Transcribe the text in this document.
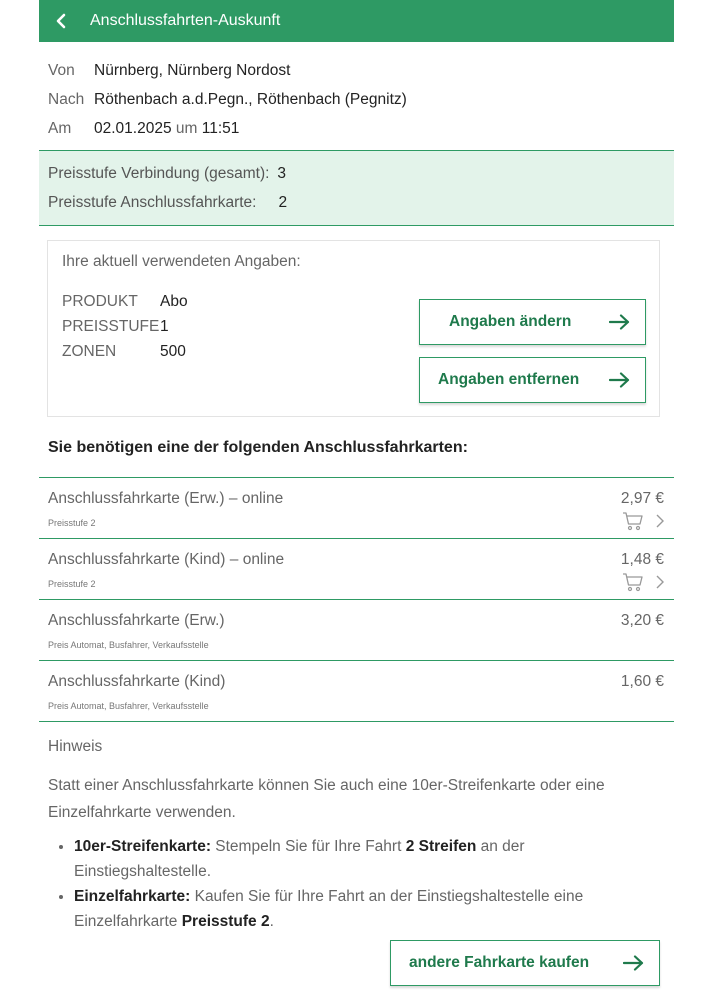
Anschlussfahrten-Auskunft
Von	Nürnberg, Nürnberg Nordost
Nach Röthenbach a.d.Pegn., Röthenbach (Pegnitz)
Am	02.01.2025 um 11:51
Preisstufe Verbindung (gesamt): 3
Preisstufe Anschlussfahrkarte: 2
Ihre aktuell verwendeten Angaben:
PRODUKT	Abo
PREISSTUFE 1
ZONEN	500
Angaben ändern
Angaben entfernen
Sie benötigen eine der folgenden Anschlussfahrkarten:
Anschlussfahrkarte (Erw.) – online
Preisstufe 2
2,97 €
Anschlussfahrkarte (Kind) – online
Preisstufe 2
1,48 €
Anschlussfahrkarte (Erw.)
Preis Automat, Busfahrer, Verkaufsstelle
3,20 €
Anschlussfahrkarte (Kind)
Preis Automat, Busfahrer, Verkaufsstelle
1,60 €
Hinweis
Statt einer Anschlussfahrkarte können Sie auch eine 10er-Streifenkarte oder eine Einzelfahrkarte verwenden.
• 10er-Streifenkarte: Stempeln Sie für Ihre Fahrt 2 Streifen an der Einstiegshaltestelle.
• Einzelfahrkarte: Kaufen Sie für Ihre Fahrt an der Einstiegshaltestelle eine Einzelfahrkarte Preisstufe 2.
andere Fahrkarte kaufen
